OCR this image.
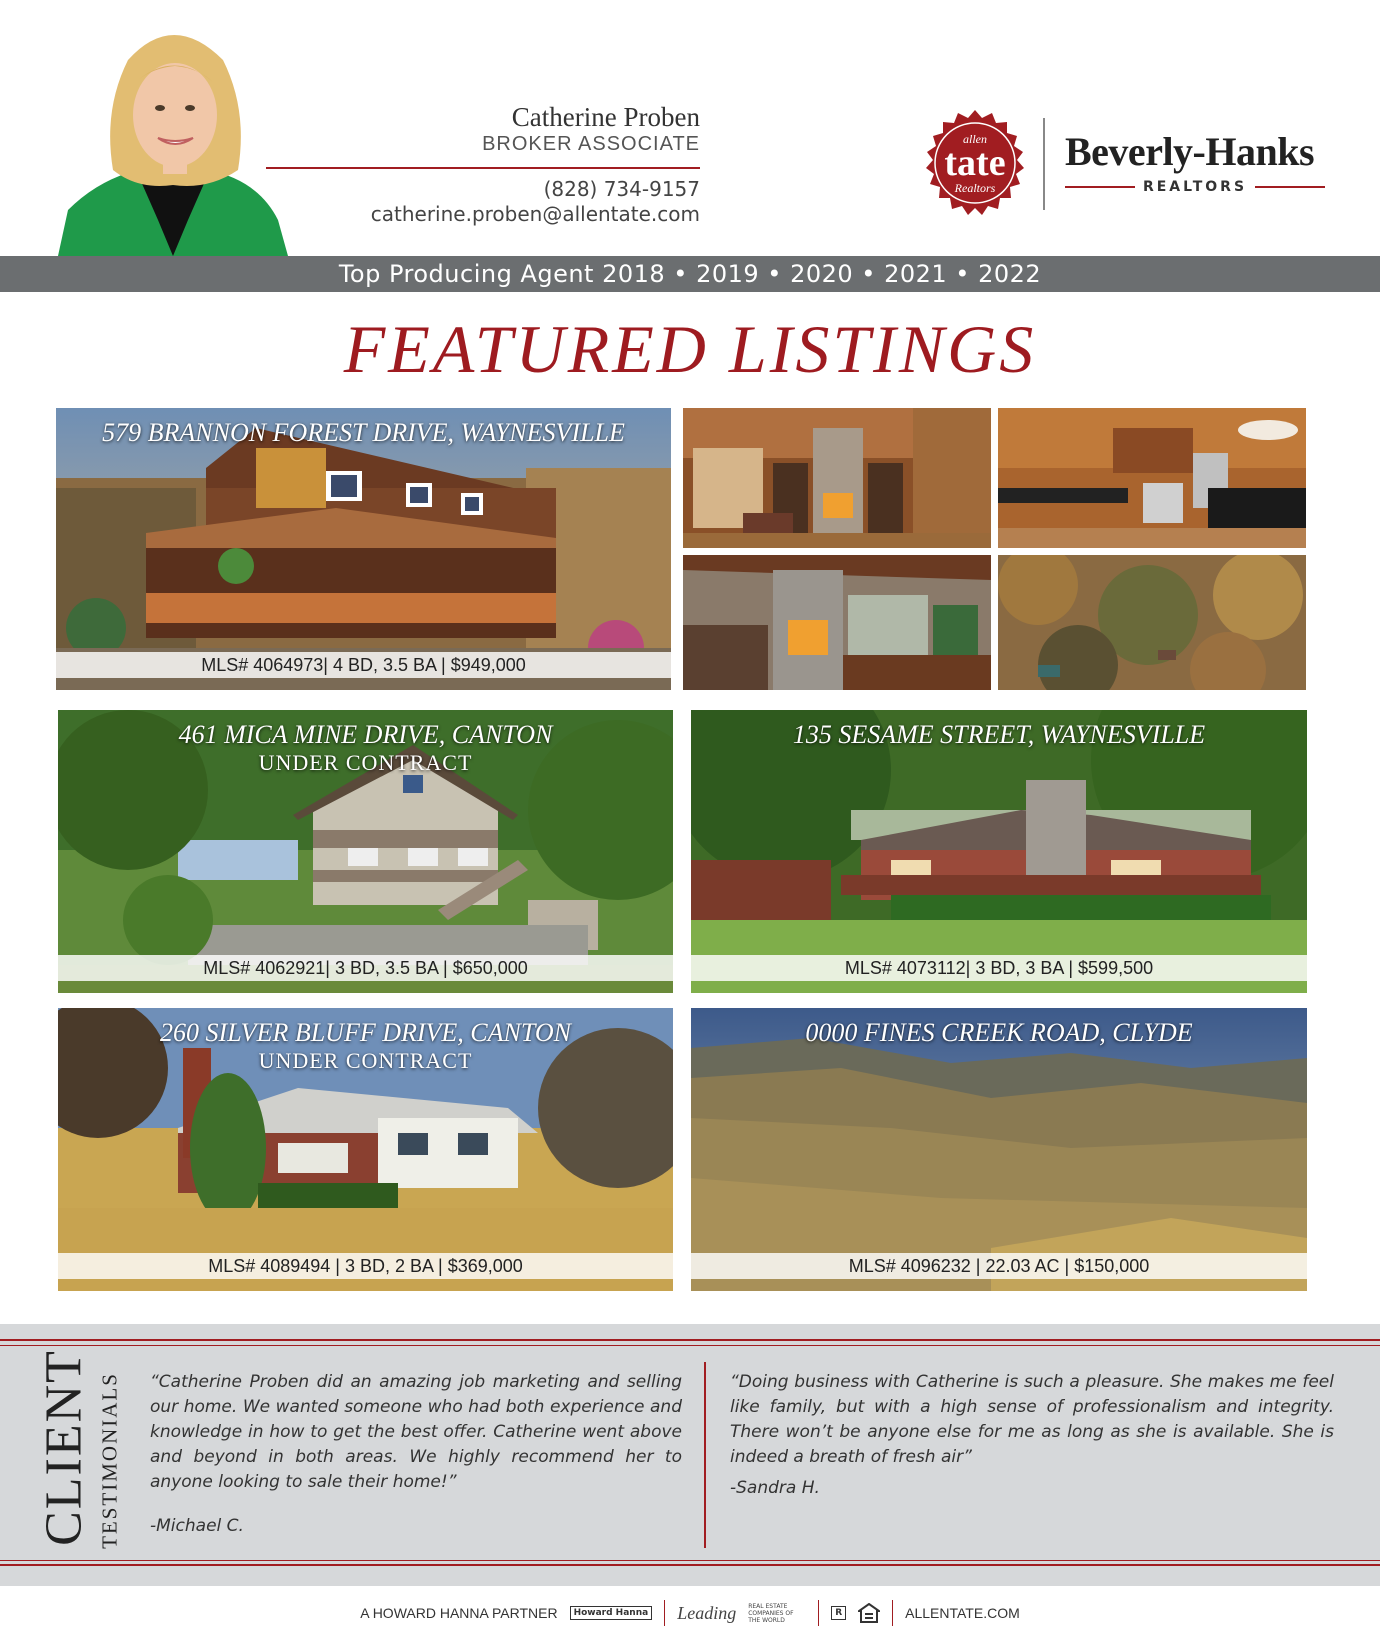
Catherine Proben
BROKER ASSOCIATE
(828) 734-9157
catherine.proben@allentate.com
allen
tate
Realtors
Beverly-Hanks
REALTORS
Top Producing Agent 2018 • 2019 • 2020 • 2021 • 2022
FEATURED LISTINGS
579 BRANNON FOREST DRIVE, WAYNESVILLE
MLS# 4064973| 4 BD, 3.5 BA | $949,000
461 MICA MINE DRIVE, CANTON
UNDER CONTRACT
MLS# 4062921| 3 BD, 3.5 BA | $650,000
135 SESAME STREET, WAYNESVILLE
MLS# 4073112| 3 BD, 3 BA | $599,500
260 SILVER BLUFF DRIVE, CANTON
UNDER CONTRACT
MLS# 4089494 | 3 BD, 2 BA | $369,000
0000 FINES CREEK ROAD, CLYDE
MLS# 4096232 | 22.03 AC | $150,000
CLIENT TESTIMONIALS “Catherine Proben did an amazing job marketing and selling our home. We wanted someone who had both experience and knowledge in how to get the best offer. Catherine went above and beyond in both areas. We highly recommend her to anyone looking to sale their home!”
-Michael C.
“Doing business with Catherine is such a pleasure. She makes me feel like family, but with a high sense of professionalism and integrity. There won’t be anyone else for me as long as she is available. She is indeed a breath of fresh air”
-Sandra H.
A HOWARD HANNA PARTNER	Howard Hanna Leading REAL ESTATE COMPANIES OF THE WORLD
R	ALLENTATE.COM
